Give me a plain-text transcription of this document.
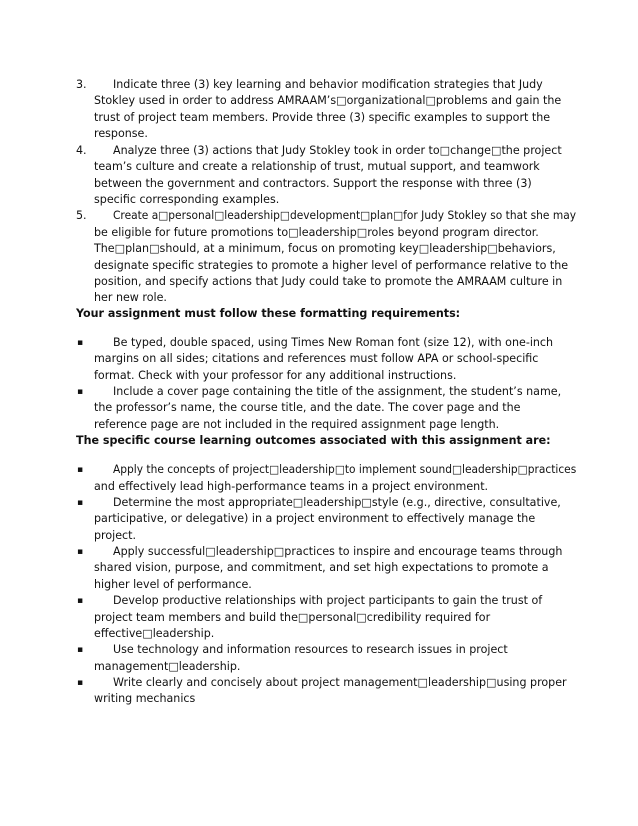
3. Indicate three (3) key learning and behavior modification strategies that Judy
Stokley used in order to address AMRAAM’s□organizational□problems and gain the
trust of project team members. Provide three (3) specific examples to support the
response.
4. Analyze three (3) actions that Judy Stokley took in order to□change□the project
team’s culture and create a relationship of trust, mutual support, and teamwork
between the government and contractors. Support the response with three (3)
specific corresponding examples.
5. Create a□personal□leadership□development□plan□for Judy Stokley so that she may
be eligible for future promotions to□leadership□roles beyond program director.
The□plan□should, at a minimum, focus on promoting key□leadership□behaviors,
designate specific strategies to promote a higher level of performance relative to the
position, and specify actions that Judy could take to promote the AMRAAM culture in
her new role.
Your assignment must follow these formatting requirements:
▪	Be typed, double spaced, using Times New Roman font (size 12), with one-inch
margins on all sides; citations and references must follow APA or school-specific
format. Check with your professor for any additional instructions.
▪	Include a cover page containing the title of the assignment, the student’s name,
the professor’s name, the course title, and the date. The cover page and the
reference page are not included in the required assignment page length.
The specific course learning outcomes associated with this assignment are:
▪	Apply the concepts of project□leadership□to implement sound□leadership□practices
and effectively lead high-performance teams in a project environment.
▪	Determine the most appropriate□leadership□style (e.g., directive, consultative,
participative, or delegative) in a project environment to effectively manage the
project.
▪	Apply successful□leadership□practices to inspire and encourage teams through
shared vision, purpose, and commitment, and set high expectations to promote a
higher level of performance.
▪	Develop productive relationships with project participants to gain the trust of
project team members and build the□personal□credibility required for
effective□leadership.
▪	Use technology and information resources to research issues in project
management□leadership.
▪	Write clearly and concisely about project management□leadership□using proper
writing mechanics
